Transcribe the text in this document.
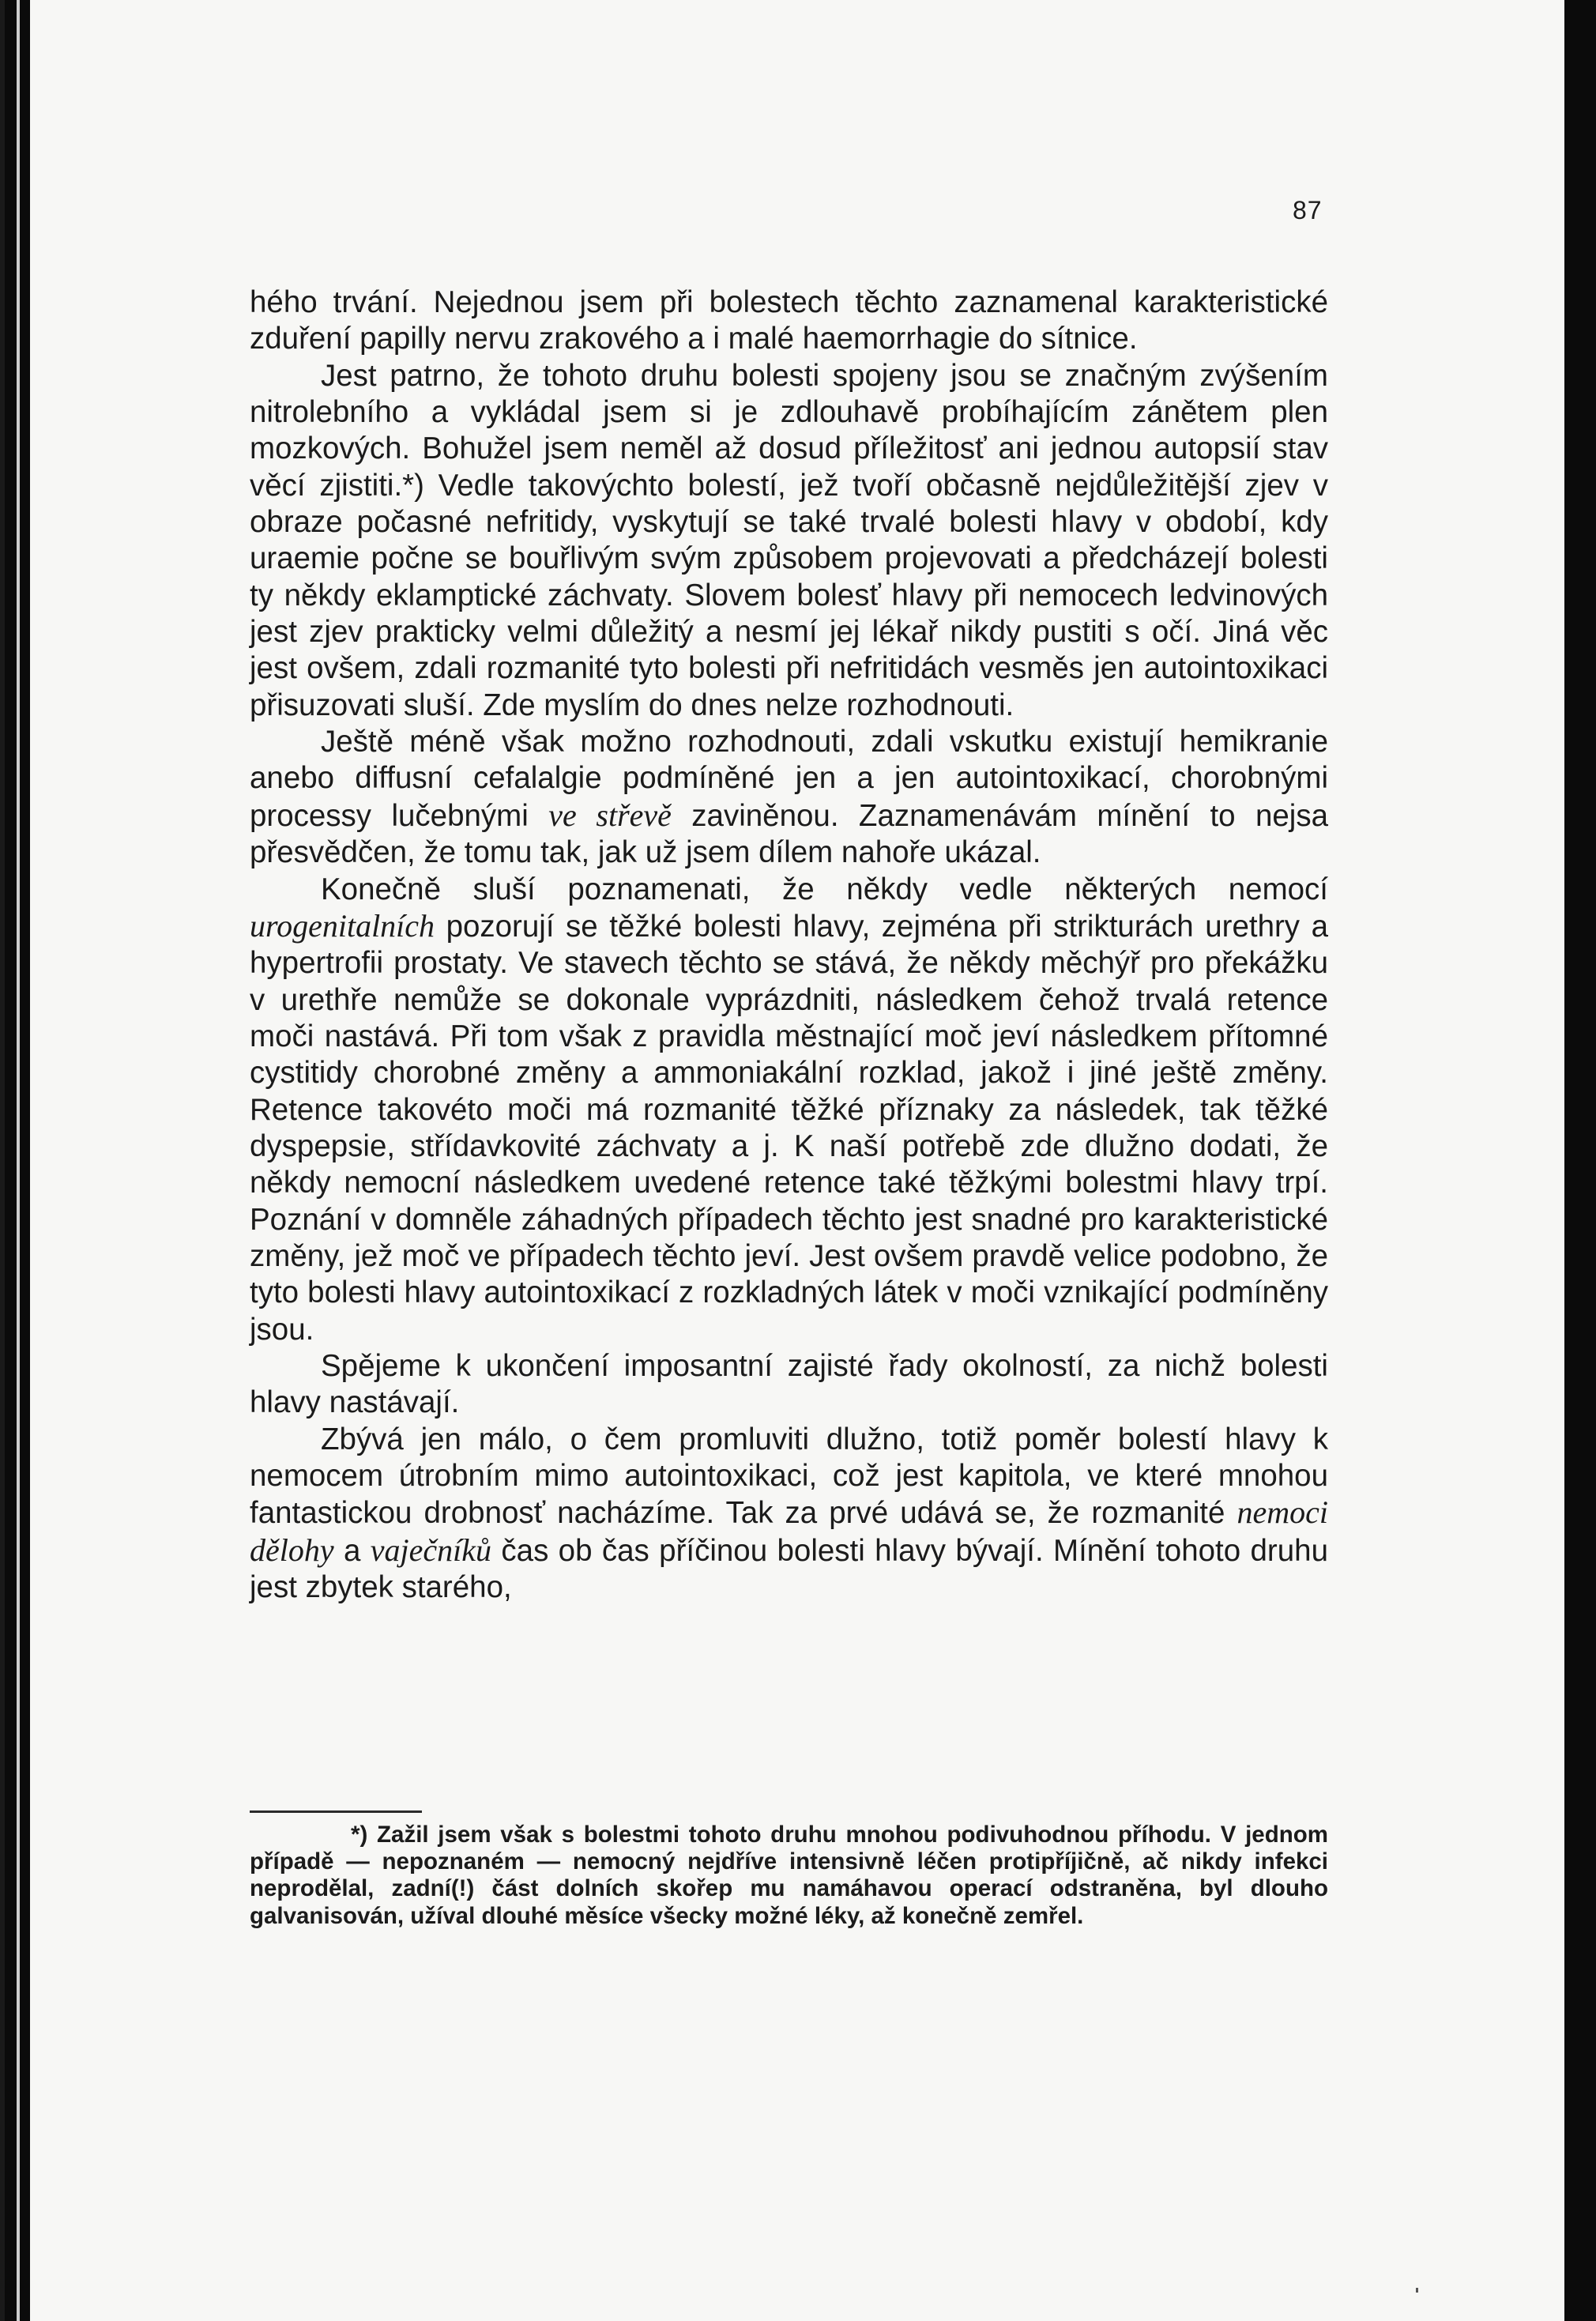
87

hého trvání. Nejednou jsem při bolestech těchto zaznamenal karakteristické zduření papilly nervu zrakového a i malé haemorrhagie do sítnice.

Jest patrno, že tohoto druhu bolesti spojeny jsou se značným zvýšením nitrolebního a vykládal jsem si je zdlouhavě probíhajícím zánětem plen mozkových. Bohužel jsem neměl až dosud příležitosť ani jednou autopsií stav věcí zjistiti.*) Vedle takovýchto bolestí, jež tvoří občasně nejdůležitější zjev v obraze počasné nefritidy, vyskytují se také trvalé bolesti hlavy v období, kdy uraemie počne se bouřlivým svým způsobem projevovati a předcházejí bolesti ty někdy eklamptické záchvaty. Slovem bolesť hlavy při nemocech ledvinových jest zjev prakticky velmi důležitý a nesmí jej lékař nikdy pustiti s očí. Jiná věc jest ovšem, zdali rozmanité tyto bolesti při nefritidách vesměs jen autointoxikaci přisuzovati sluší. Zde myslím do dnes nelze rozhodnouti.

Ještě méně však možno rozhodnouti, zdali vskutku existují hemikranie anebo diffusní cefalalgie podmíněné jen a jen autointoxikací, chorobnými processy lučebnými ve střevě zaviněnou. Zaznamenávám mínění to nejsa přesvědčen, že tomu tak, jak už jsem dílem nahoře ukázal.

Konečně sluší poznamenati, že někdy vedle některých nemocí urogenitalních pozorují se těžké bolesti hlavy, zejména při strikturách urethry a hypertrofii prostaty. Ve stavech těchto se stává, že někdy měchýř pro překážku v urethře nemůže se dokonale vyprázdniti, následkem čehož trvalá retence moči nastává. Při tom však z pravidla městnající moč jeví následkem přítomné cystitidy chorobné změny a ammoniakální rozklad, jakož i jiné ještě změny. Retence takovéto moči má rozmanité těžké příznaky za následek, tak těžké dyspepsie, střídavkovité záchvaty a j. K naší potřebě zde dlužno dodati, že někdy nemocní následkem uvedené retence také těžkými bolestmi hlavy trpí. Poznání v domněle záhadných případech těchto jest snadné pro karakteristické změny, jež moč ve případech těchto jeví. Jest ovšem pravdě velice podobno, že tyto bolesti hlavy autointoxikací z rozkladných látek v moči vznikající podmíněny jsou.

Spějeme k ukončení imposantní zajisté řady okolností, za nichž bolesti hlavy nastávají.

Zbývá jen málo, o čem promluviti dlužno, totiž poměr bolestí hlavy k nemocem útrobním mimo autointoxikaci, což jest kapitola, ve které mnohou fantastickou drobnosť nacházíme. Tak za prvé udává se, že rozmanité nemoci dělohy a vaječníků čas ob čas příčinou bolesti hlavy bývají. Mínění tohoto druhu jest zbytek starého,

*) Zažil jsem však s bolestmi tohoto druhu mnohou podivuhodnou příhodu. V jednom případě — nepoznaném — nemocný nejdříve intensivně léčen protipříjičně, ač nikdy infekci neprodělal, zadní(!) část dolních skořep mu namáhavou operací odstraněna, byl dlouho galvanisován, užíval dlouhé měsíce všecky možné léky, až konečně zemřel.
